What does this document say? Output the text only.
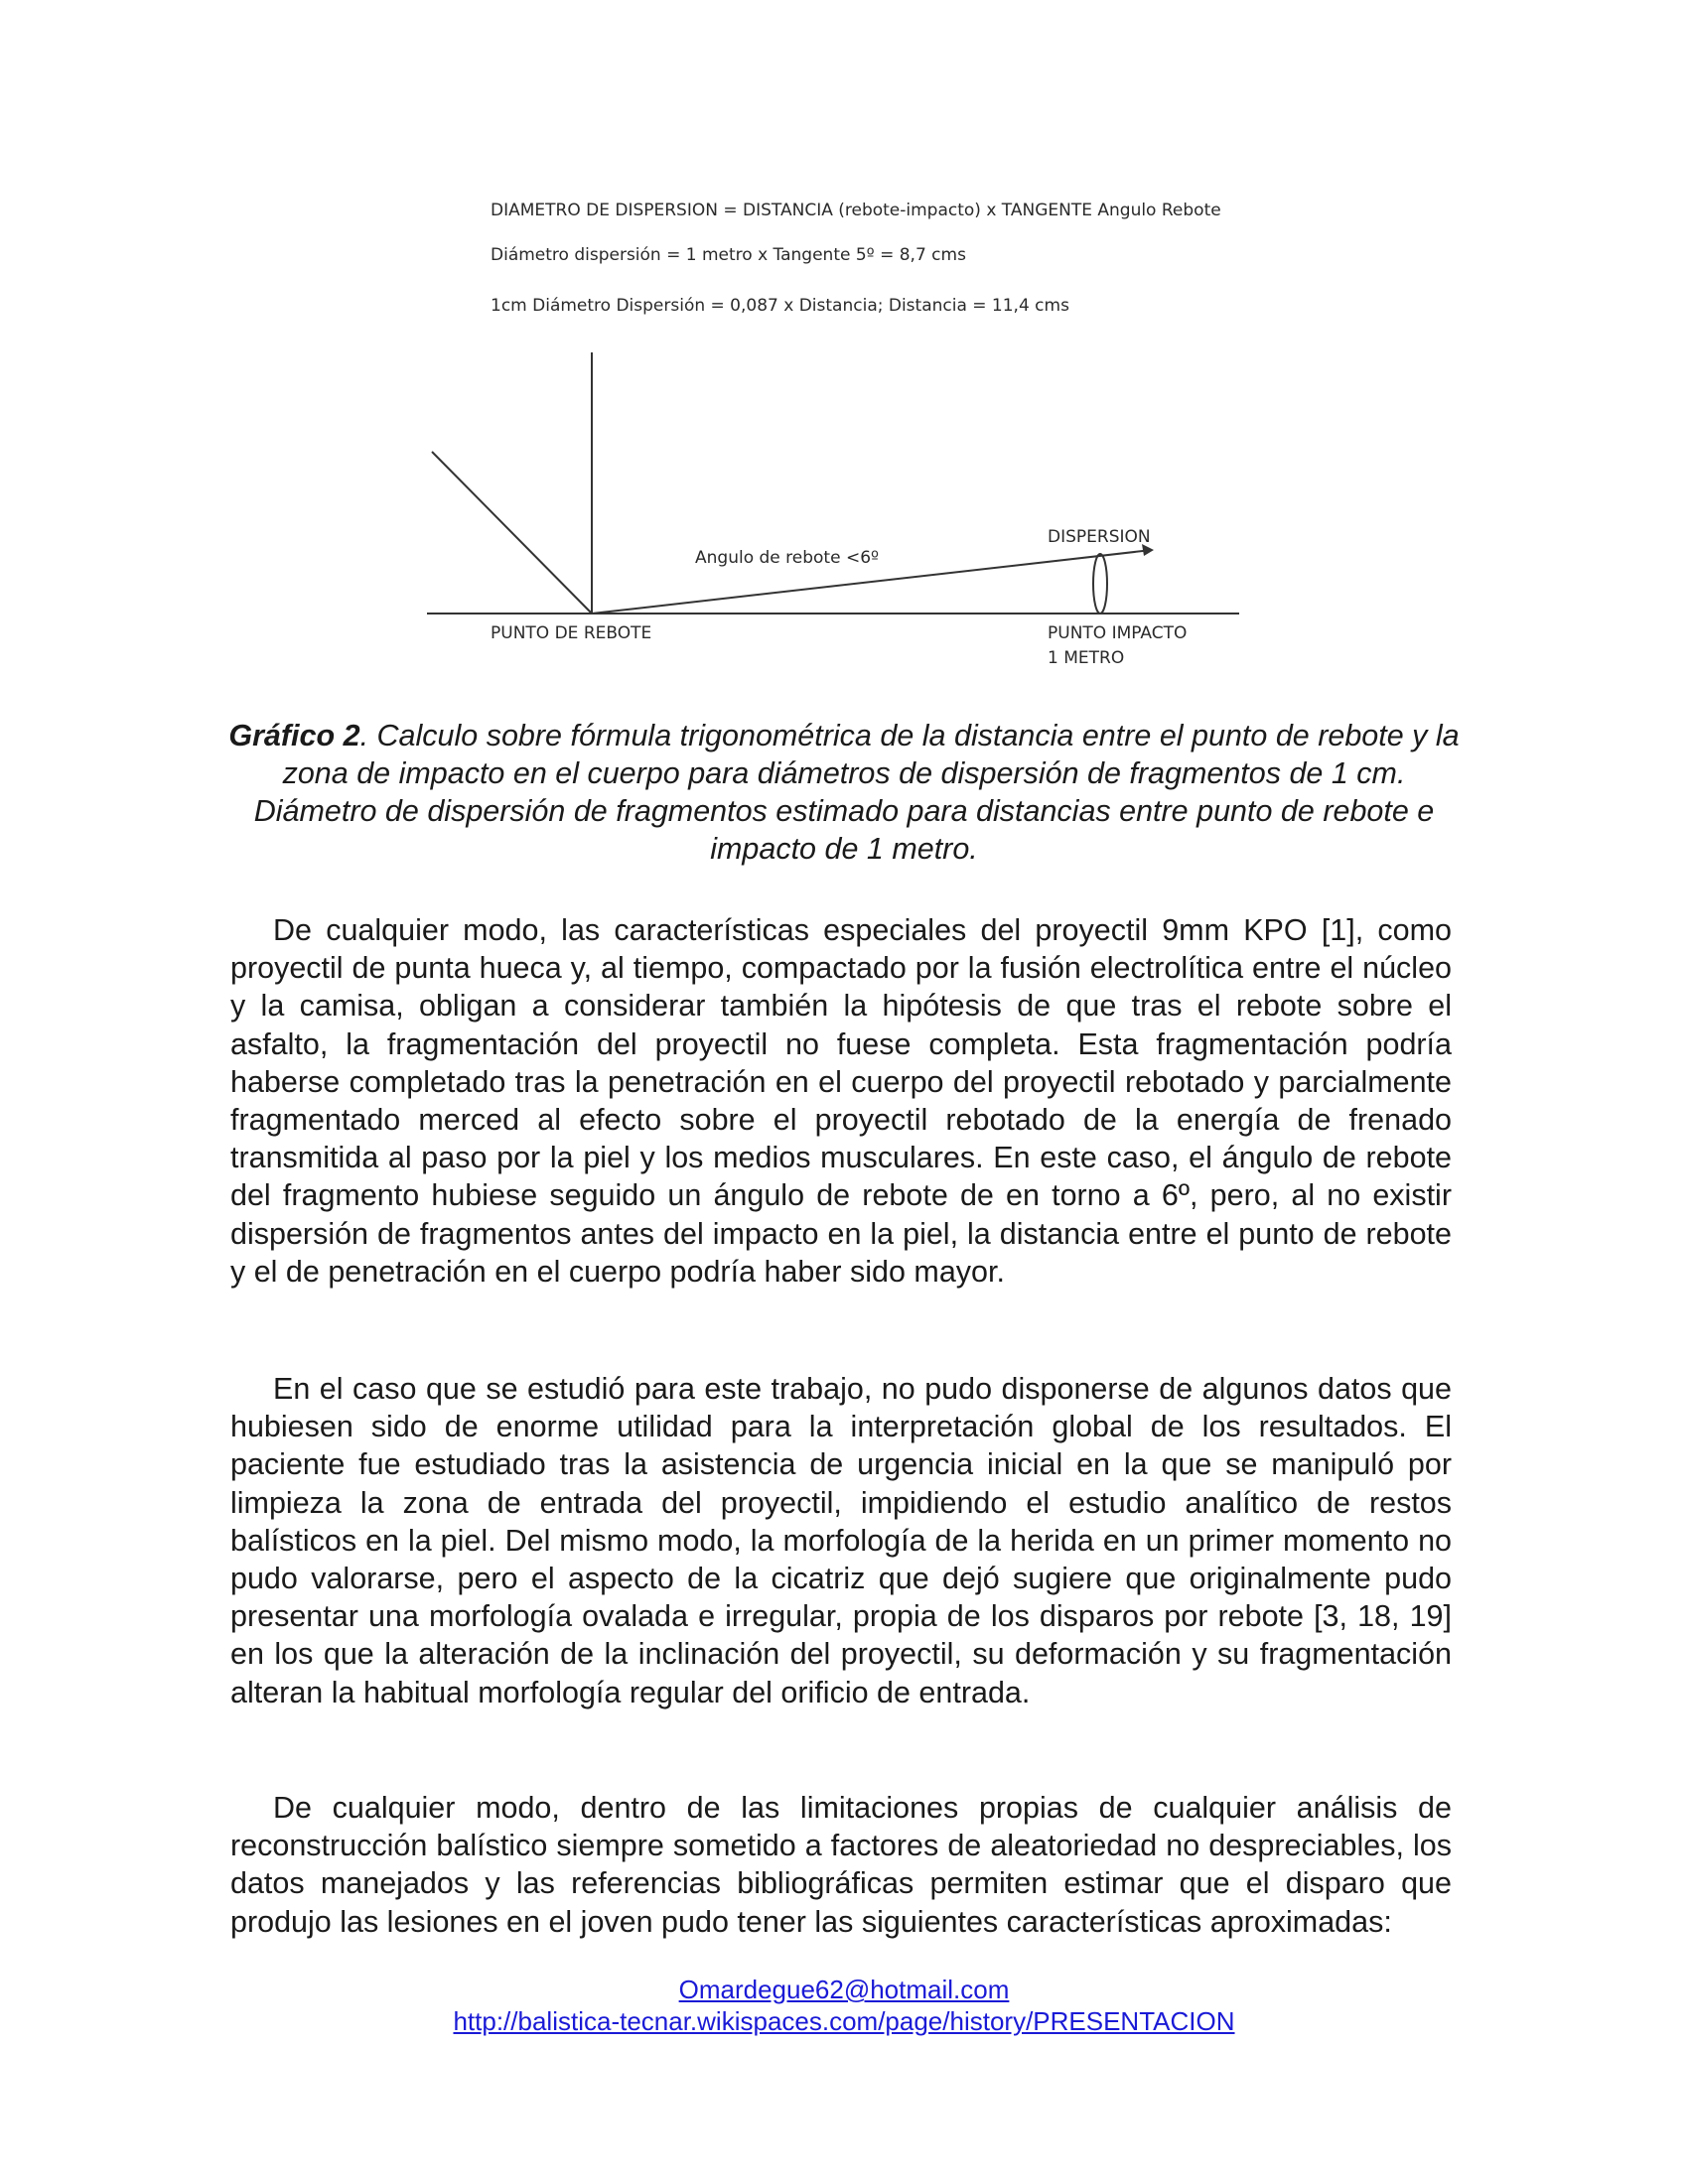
DIAMETRO DE DISPERSION = DISTANCIA (rebote-impacto) x TANGENTE Angulo Rebote
Diámetro dispersión = 1 metro x Tangente 5º = 8,7 cms
1cm Diámetro Dispersión = 0,087 x Distancia; Distancia = 11,4 cms
Angulo de rebote <6º
DISPERSION
PUNTO DE REBOTE	PUNTO IMPACTO
1 METRO
Gráfico 2. Calculo sobre fórmula trigonométrica de la distancia entre el punto de rebote y la zona de impacto en el cuerpo para diámetros de dispersión de fragmentos de 1 cm. Diámetro de dispersión de fragmentos estimado para distancias entre punto de rebote e impacto de 1 metro.

De cualquier modo, las características especiales del proyectil 9mm KPO [1], como proyectil de punta hueca y, al tiempo, compactado por la fusión electrolítica entre el núcleo y la camisa, obligan a considerar también la hipótesis de que tras el rebote sobre el asfalto, la fragmentación del proyectil no fuese completa. Esta fragmentación podría haberse completado tras la penetración en el cuerpo del proyectil rebotado y parcialmente fragmentado merced al efecto sobre el proyectil rebotado de la energía de frenado transmitida al paso por la piel y los medios musculares. En este caso, el ángulo de rebote del fragmento hubiese seguido un ángulo de rebote de en torno a 6º, pero, al no existir dispersión de fragmentos antes del impacto en la piel, la distancia entre el punto de rebote y el de penetración en el cuerpo podría haber sido mayor.

En el caso que se estudió para este trabajo, no pudo disponerse de algunos datos que hubiesen sido de enorme utilidad para la interpretación global de los resultados. El paciente fue estudiado tras la asistencia de urgencia inicial en la que se manipuló por limpieza la zona de entrada del proyectil, impidiendo el estudio analítico de restos balísticos en la piel. Del mismo modo, la morfología de la herida en un primer momento no pudo valorarse, pero el aspecto de la cicatriz que dejó sugiere que originalmente pudo presentar una morfología ovalada e irregular, propia de los disparos por rebote [3, 18, 19] en los que la alteración de la inclinación del proyectil, su deformación y su fragmentación alteran la habitual morfología regular del orificio de entrada.

De cualquier modo, dentro de las limitaciones propias de cualquier análisis de reconstrucción balístico siempre sometido a factores de aleatoriedad no despreciables, los datos manejados y las referencias bibliográficas permiten estimar que el disparo que produjo las lesiones en el joven pudo tener las siguientes características aproximadas:

Omardegue62@hotmail.com
http://balistica-tecnar.wikispaces.com/page/history/PRESENTACION
